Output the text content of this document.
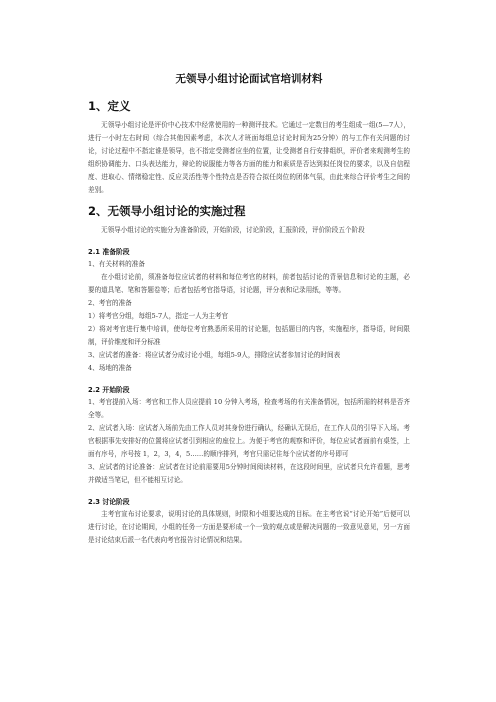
无领导小组讨论面试官培训材料
1、定义

无领导小组讨论是评价中心技术中经常使用的一种测评技术。它通过一定数目的考生组成一组(5—7人），进行一小时左右时间（综合其他因素考虑，本次人才班面每组总讨论时间为25分钟）的与工作有关问题的讨论，讨论过程中不指定谁是领导，也不指定受测者应坐的位置，让受测者自行安排组织，评价者来观测考生的组织协调能力、口头表达能力，辩论的说服能力等各方面的能力和素质是否达到拟任岗位的要求，以及自信程度、进取心、情绪稳定性、反应灵活性等个性特点是否符合拟任岗位的团体气氛，由此来综合评价考生之间的差别。

2、无领导小组讨论的实施过程

无领导小组讨论的实施分为准备阶段，开始阶段，讨论阶段，汇报阶段，评价阶段五个阶段

2.1 准备阶段

1、有关材料的准备

在小组讨论前，须准备每位应试者的材料和每位考官的材料，前者包括讨论的背景信息和讨论的主题，必要的道具笔、笔和答题卷等；后者包括考官指导语，讨论题，评分表和记录用纸，等等。

2、考官的准备

1）将考官分组，每组5-7人，指定一人为主考官

2）将对考官进行集中培训，使每位考官熟悉所采用的讨论题，包括题目的内容，实施程序，指导语，时间限制，评价维度和评分标准

3、应试者的准备：将应试者分成讨论小组，每组5-9人，排除应试者参加讨论的时间表

4、场地的准备

2.2 开始阶段

1、考官提前入场：考官和工作人员应提前 10 分钟入考场，检查考场的有关准备情况，包括所需的材料是否齐全等。

2、应试者入场：应试者入场前先由工作人员对其身份进行确认，经确认无误后，在工作人员的引导下入场。考官根据事先安排好的位置将应试者引到相应的座位上。为便于考官的观察和评价，每位应试者面前有桌签，上面有序号，序号按 1，2，3，4，5……的顺序排列，考官只需记住每个应试者的序号即可

3、应试者的讨论准备：应试者在讨论前需要用5分钟时间阅读材料，在这段时间里，应试者只允许看题，思考并做适当笔记，但不能相互讨论。

2.3 讨论阶段

主考官宣布讨论要求，说明讨论的具体规则，时限和小组要达成的目标。在主考官说“讨论开始”后便可以进行讨论，在讨论期间，小组的任务一方面是要形成一个一致的观点或是解决问题的一致意见意见，另一方面是讨论结束后派一名代表向考官报告讨论情况和结果。
